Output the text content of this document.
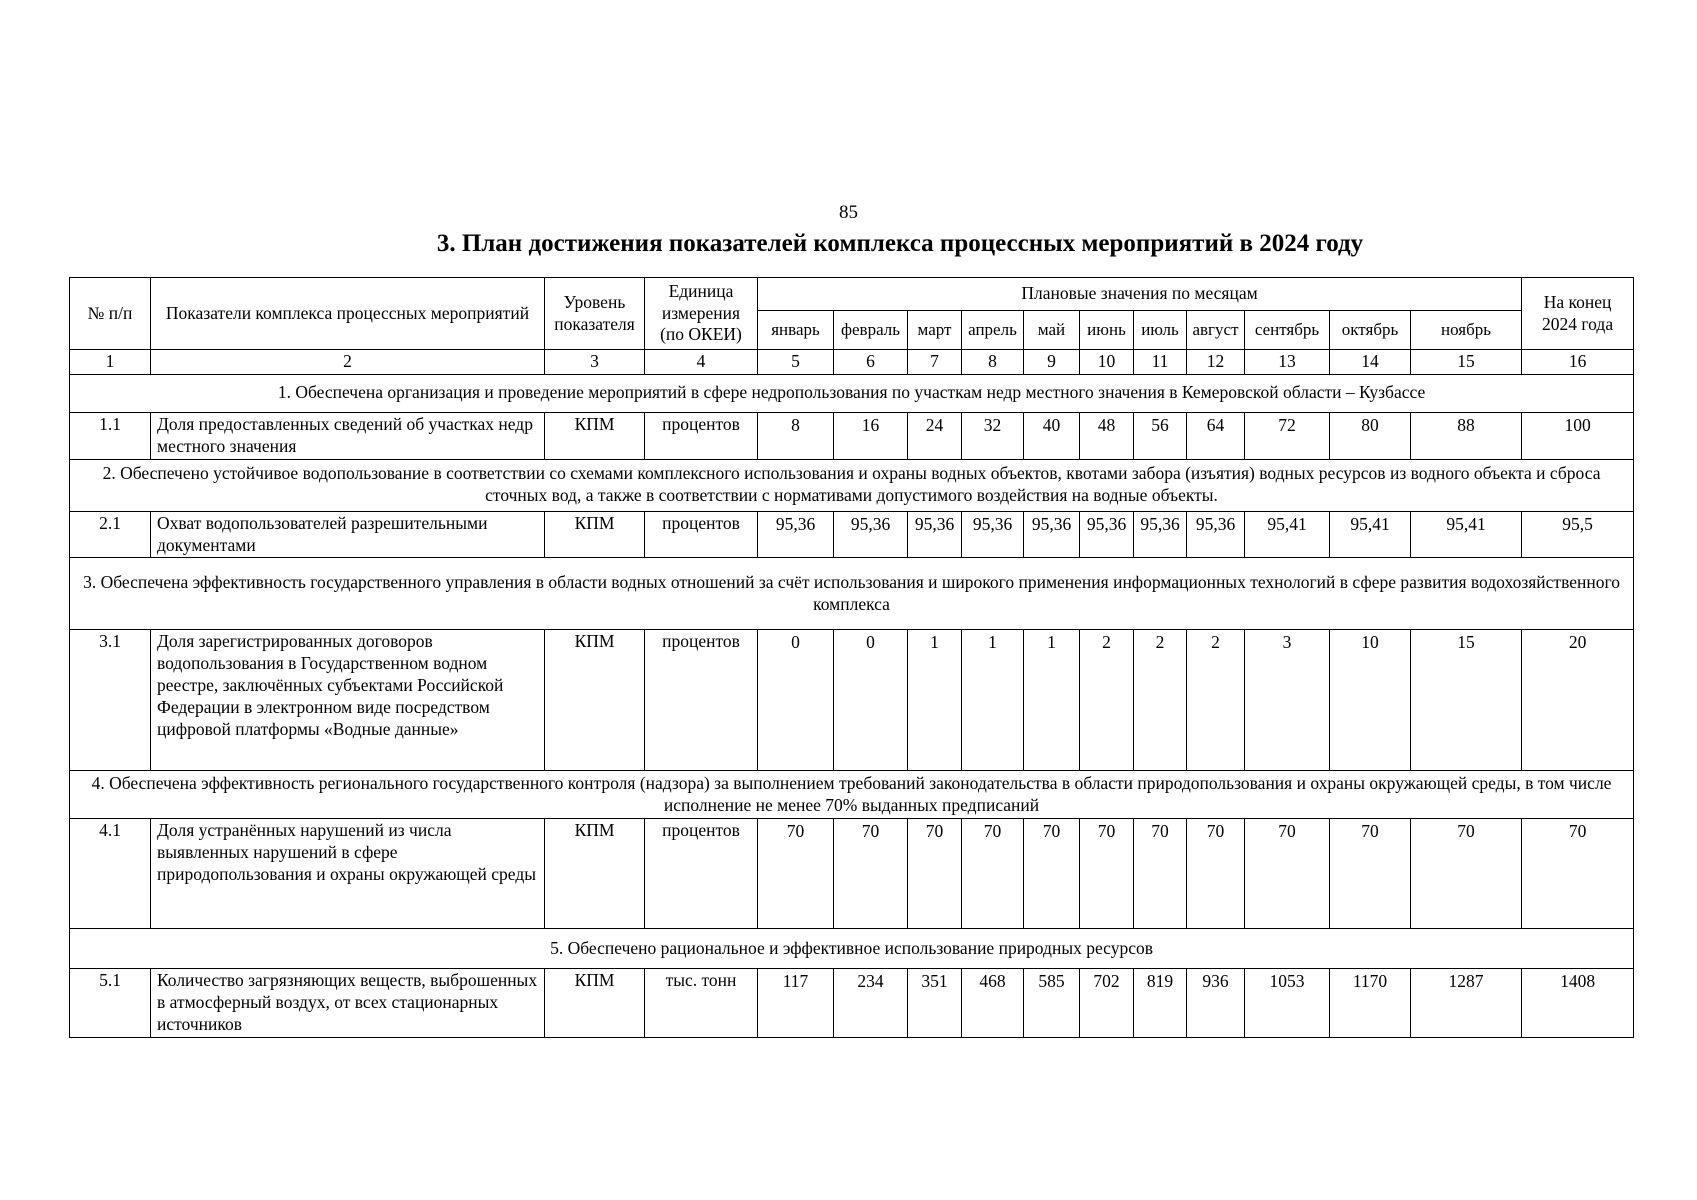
85
3. План достижения показателей комплекса процессных мероприятий в 2024 году
№ п/п	Показатели комплекса процессных мероприятий	Уровень показателя	Единица измерения (по ОКЕИ)	Плановые значения по месяцам											На конец 2024 года
				январь	февраль	март	апрель	май	июнь	июль	август	сентябрь	октябрь	ноябрь	
1	2	3	4	5	6	7	8	9	10	11	12	13	14	15	16
1. Обеспечена организация и проведение мероприятий в сфере недропользования по участкам недр местного значения в Кемеровской области – Кузбассе															
1.1	Доля предоставленных сведений об участках недр местного значения	КПМ	процентов	8	16	24	32	40	48	56	64	72	80	88	100
2. Обеспечено устойчивое водопользование в соответствии со схемами комплексного использования и охраны водных объектов, квотами забора (изъятия) водных ресурсов из водного объекта и сброса сточных вод, а также в соответствии с нормативами допустимого воздействия на водные объекты.															
2.1	Охват водопользователей разрешительными документами	КПМ	процентов	95,36	95,36	95,36	95,36	95,36	95,36	95,36	95,36	95,41	95,41	95,41	95,5
3. Обеспечена эффективность государственного управления в области водных отношений за счёт использования и широкого применения информационных технологий в сфере развития водохозяйственного комплекса															
3.1	Доля зарегистрированных договоров водопользования в Государственном водном реестре, заключённых субъектами Российской Федерации в электронном виде посредством цифровой платформы «Водные данные»	КПМ	процентов	0	0	1	1	1	2	2	2	3	10	15	20
4. Обеспечена эффективность регионального государственного контроля (надзора) за выполнением требований законодательства в области природопользования и охраны окружающей среды, в том числе исполнение не менее 70% выданных предписаний															
4.1	Доля устранённых нарушений из числа выявленных нарушений в сфере природопользования и охраны окружающей среды	КПМ	процентов	70	70	70	70	70	70	70	70	70	70	70	70
5. Обеспечено рациональное и эффективное использование природных ресурсов															
5.1	Количество загрязняющих веществ, выброшенных в атмосферный воздух, от всех стационарных источников	КПМ	тыс. тонн	117	234	351	468	585	702	819	936	1053	1170	1287	1408
